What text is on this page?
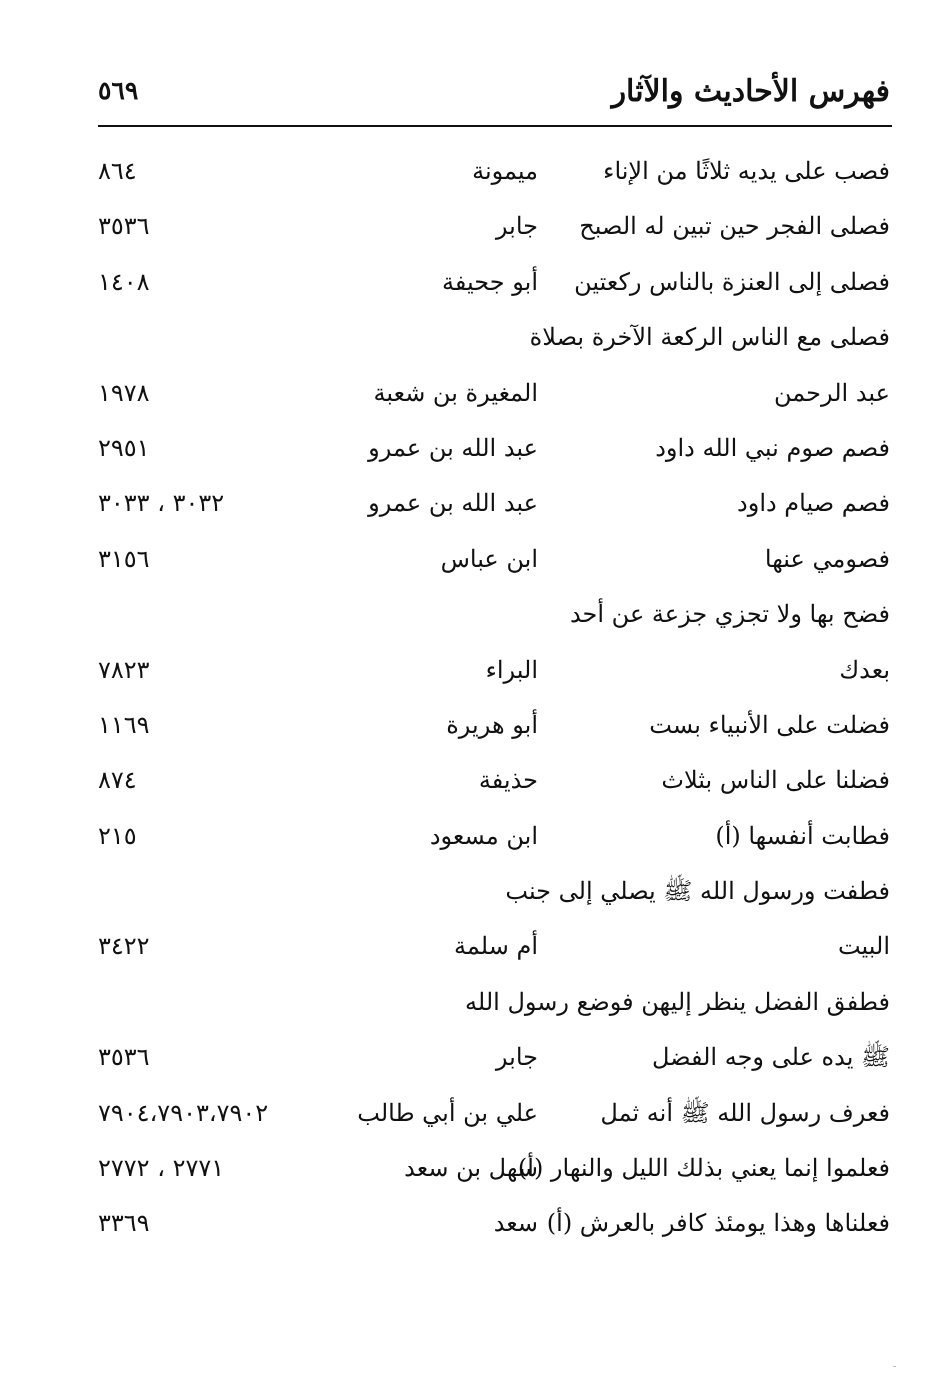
فهرس الأحاديث والآثار
٥٦٩
فصب على يديه ثلاثًا من الإناء
ميمونة
٨٦٤
فصلى الفجر حين تبين له الصبح
جابر
٣٥٣٦
فصلى إلى العنزة بالناس ركعتين
أبو جحيفة
١٤٠٨
فصلى مع الناس الركعة الآخرة بصلاة
عبد الرحمن
المغيرة بن شعبة
١٩٧٨
فصم صوم نبي الله داود
عبد الله بن عمرو
٢٩٥١
فصم صيام داود
عبد الله بن عمرو
٣٠٣٢ ، ٣٠٣٣
فصومي عنها
ابن عباس
٣١٥٦
فضح بها ولا تجزي جزعة عن أحد
بعدك
البراء
٧٨٢٣
فضلت على الأنبياء بست
أبو هريرة
١١٦٩
فضلنا على الناس بثلاث
حذيفة
٨٧٤
فطابت أنفسها (أ)
ابن مسعود
٢١٥
فطفت ورسول الله ﷺ يصلي إلى جنب
البيت
أم سلمة
٣٤٢٢
فطفق الفضل ينظر إليهن فوضع رسول الله
ﷺ يده على وجه الفضل
جابر
٣٥٣٦
فعرف رسول الله ﷺ أنه ثمل
علي بن أبي طالب
٧٩٠٤،٧٩٠٣،٧٩٠٢
فعلموا إنما يعني بذلك الليل والنهار (أ)
سهل بن سعد
٢٧٧١ ، ٢٧٧٢
فعلناها وهذا يومئذ كافر بالعرش (أ)
سعد
٣٣٦٩
